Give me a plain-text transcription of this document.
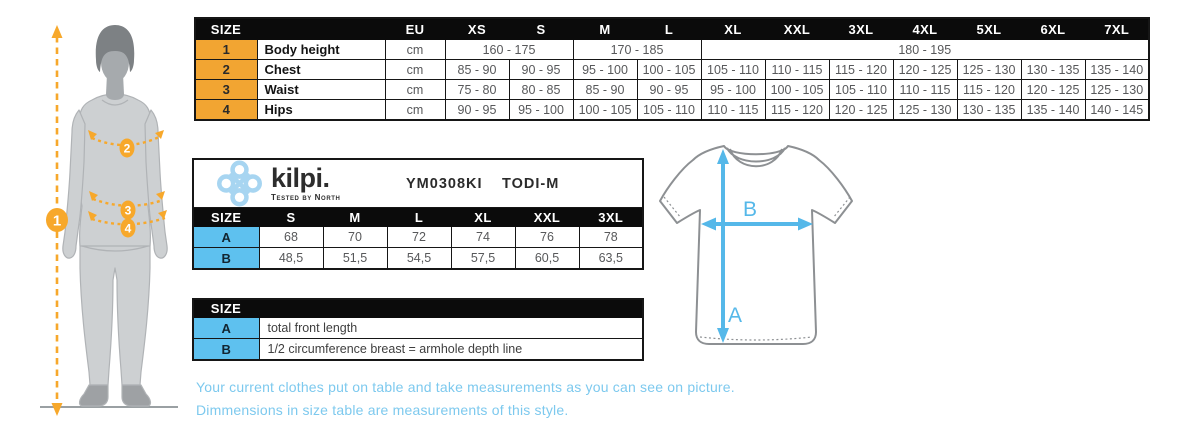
1
2
3
4
SIZE		EU	XS	S	M	L	XL	XXL	3XL	4XL	5XL	6XL	7XL
1	Body height	cm	160 - 175		170 - 185		180 - 195						
2	Chest	cm	85 - 90	90 - 95	95 - 100	100 - 105	105 - 110	110 - 115	115 - 120	120 - 125	125 - 130	130 - 135	135 - 140
3	Waist	cm	75 - 80	80 - 85	85 - 90	90 - 95	95 - 100	100 - 105	105 - 110	110 - 115	115 - 120	120 - 125	125 - 130
4	Hips	cm	90 - 95	95 - 100	100 - 105	105 - 110	110 - 115	115 - 120	120 - 125	125 - 130	130 - 135	135 - 140	140 - 145
kilpi.
Tested by North
YM0308KI TODI-M						

SIZE	S	M	L	XL	XXL	3XL
A	68	70	72	74	76	78
B	48,5	51,5	54,5	57,5	60,5	63,5
SIZE	
A	total front length
B	1/2 circumference breast = armhole depth line
B
A
Your current clothes put on table and take measurements as you can see on picture.
Dimmensions in size table are measurements of this style.
